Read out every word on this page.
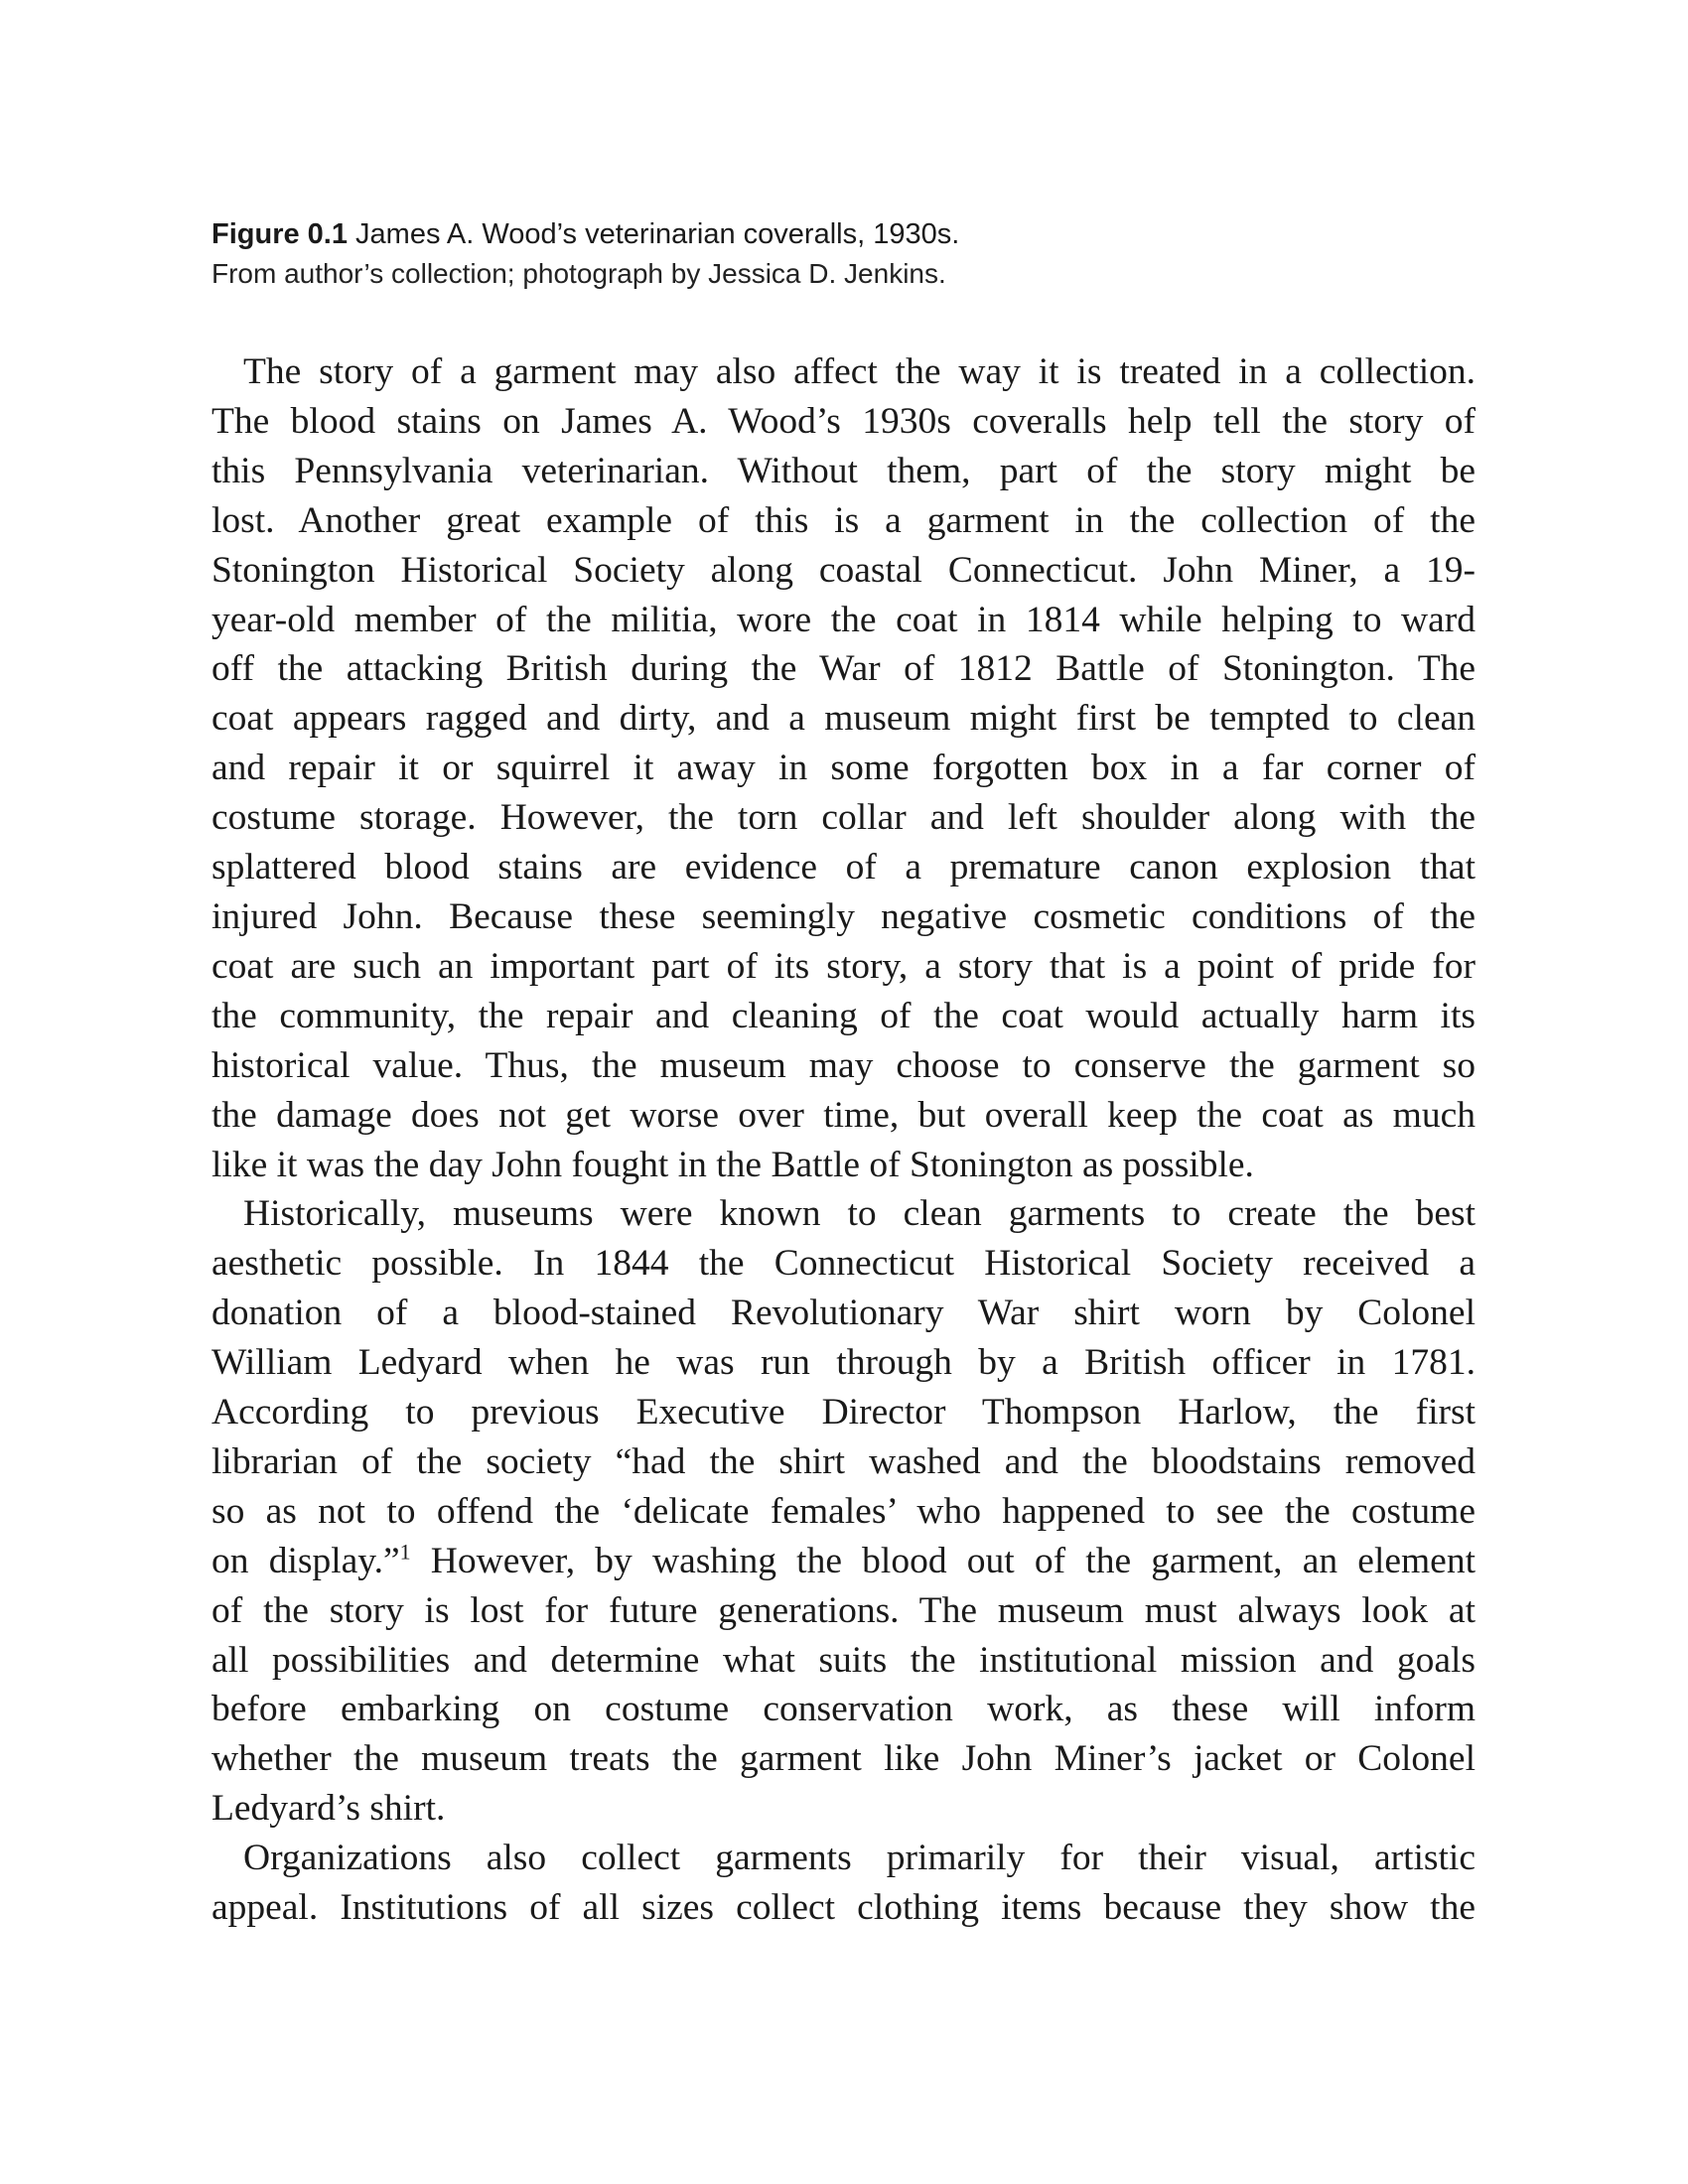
Figure 0.1 James A. Wood’s veterinarian coveralls, 1930s.
From author’s collection; photograph by Jessica D. Jenkins.
The story of a garment may also affect the way it is treated in a collection.
The blood stains on James A. Wood’s 1930s coveralls help tell the story of
this Pennsylvania veterinarian. Without them, part of the story might be
lost. Another great example of this is a garment in the collection of the
Stonington Historical Society along coastal Connecticut. John Miner, a 19-
year-old member of the militia, wore the coat in 1814 while helping to ward
off the attacking British during the War of 1812 Battle of Stonington. The
coat appears ragged and dirty, and a museum might first be tempted to clean
and repair it or squirrel it away in some forgotten box in a far corner of
costume storage. However, the torn collar and left shoulder along with the
splattered blood stains are evidence of a premature canon explosion that
injured John. Because these seemingly negative cosmetic conditions of the
coat are such an important part of its story, a story that is a point of pride for
the community, the repair and cleaning of the coat would actually harm its
historical value. Thus, the museum may choose to conserve the garment so
the damage does not get worse over time, but overall keep the coat as much
like it was the day John fought in the Battle of Stonington as possible.
Historically, museums were known to clean garments to create the best
aesthetic possible. In 1844 the Connecticut Historical Society received a
donation of a blood-stained Revolutionary War shirt worn by Colonel
William Ledyard when he was run through by a British officer in 1781.
According to previous Executive Director Thompson Harlow, the first
librarian of the society “had the shirt washed and the bloodstains removed
so as not to offend the ‘delicate females’ who happened to see the costume
on display.”$^1$ However, by washing the blood out of the garment, an element
of the story is lost for future generations. The museum must always look at
all possibilities and determine what suits the institutional mission and goals
before embarking on costume conservation work, as these will inform
whether the museum treats the garment like John Miner’s jacket or Colonel
Ledyard’s shirt.
Organizations also collect garments primarily for their visual, artistic
appeal. Institutions of all sizes collect clothing items because they show the
